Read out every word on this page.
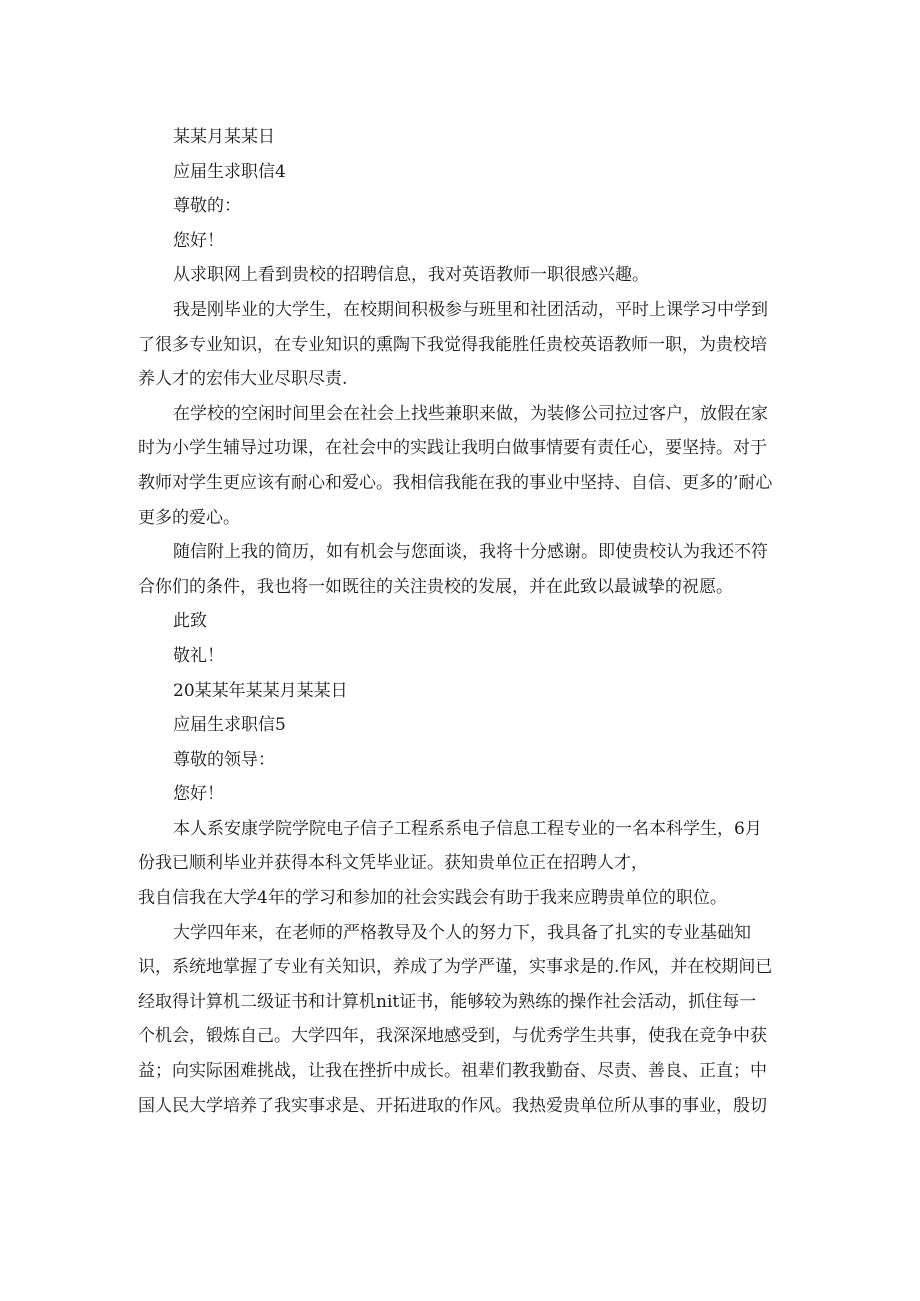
某某月某某日
应届生求职信4
尊敬的：
您好！
从求职网上看到贵校的招聘信息，我对英语教师一职很感兴趣。
我是刚毕业的大学生，在校期间积极参与班里和社团活动，平时上课学习中学到
了很多专业知识，在专业知识的熏陶下我觉得我能胜任贵校英语教师一职，为贵校培
养人才的宏伟大业尽职尽责.
在学校的空闲时间里会在社会上找些兼职来做，为装修公司拉过客户，放假在家
时为小学生辅导过功课，在社会中的实践让我明白做事情要有责任心，要坚持。对于
教师对学生更应该有耐心和爱心。我相信我能在我的事业中坚持、自信、更多的’耐心
更多的爱心。
随信附上我的简历，如有机会与您面谈，我将十分感谢。即使贵校认为我还不符
合你们的条件，我也将一如既往的关注贵校的发展，并在此致以最诚挚的祝愿。
此致
敬礼！
20某某年某某月某某日
应届生求职信5
尊敬的领导：
您好！
本人系安康学院学院电子信子工程系系电子信息工程专业的一名本科学生，6月
份我已顺利毕业并获得本科文凭毕业证。获知贵单位正在招聘人才，
我自信我在大学4年的学习和参加的社会实践会有助于我来应聘贵单位的职位。
大学四年来，在老师的严格教导及个人的努力下，我具备了扎实的专业基础知
识，系统地掌握了专业有关知识，养成了为学严谨，实事求是的.作风，并在校期间已
经取得计算机二级证书和计算机nit证书，能够较为熟练的操作社会活动，抓住每一
个机会，锻炼自己。大学四年，我深深地感受到，与优秀学生共事，使我在竞争中获
益；向实际困难挑战，让我在挫折中成长。祖辈们教我勤奋、尽责、善良、正直；中
国人民大学培养了我实事求是、开拓进取的作风。我热爱贵单位所从事的事业，殷切
